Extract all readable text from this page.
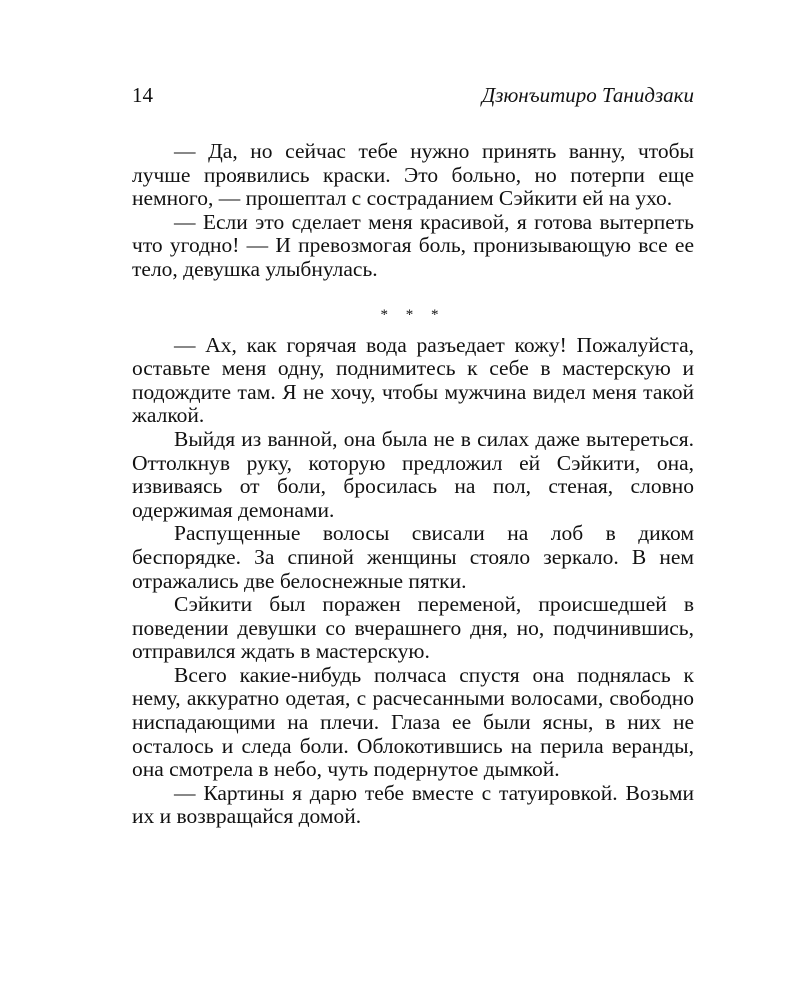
14	Дзюнъитиро Танидзаки

— Да, но сейчас тебе нужно принять ванну, чтобы лучше проявились краски. Это больно, но потерпи еще немного, — прошептал с состраданием Сэйкити ей на ухо.

— Если это сделает меня красивой, я готова вытерпеть что угодно! — И превозмогая боль, пронизывающую все ее тело, девушка улыбнулась.

* * *

— Ах, как горячая вода разъедает кожу! Пожалуйста, оставьте меня одну, поднимитесь к себе в мастерскую и подождите там. Я не хочу, чтобы мужчина видел меня такой жалкой.

Выйдя из ванной, она была не в силах даже вытереться. Оттолкнув руку, которую предложил ей Сэйкити, она, извиваясь от боли, бросилась на пол, стеная, словно одержимая демонами.

Распущенные волосы свисали на лоб в диком беспорядке. За спиной женщины стояло зеркало. В нем отражались две белоснежные пятки.

Сэйкити был поражен переменой, происшедшей в поведении девушки со вчерашнего дня, но, подчинившись, отправился ждать в мастерскую.

Всего какие-нибудь полчаса спустя она поднялась к нему, аккуратно одетая, с расчесанными волосами, свободно ниспадающими на плечи. Глаза ее были ясны, в них не осталось и следа боли. Облокотившись на перила веранды, она смотрела в небо, чуть подернутое дымкой.

— Картины я дарю тебе вместе с татуировкой. Возьми их и возвращайся домой.
